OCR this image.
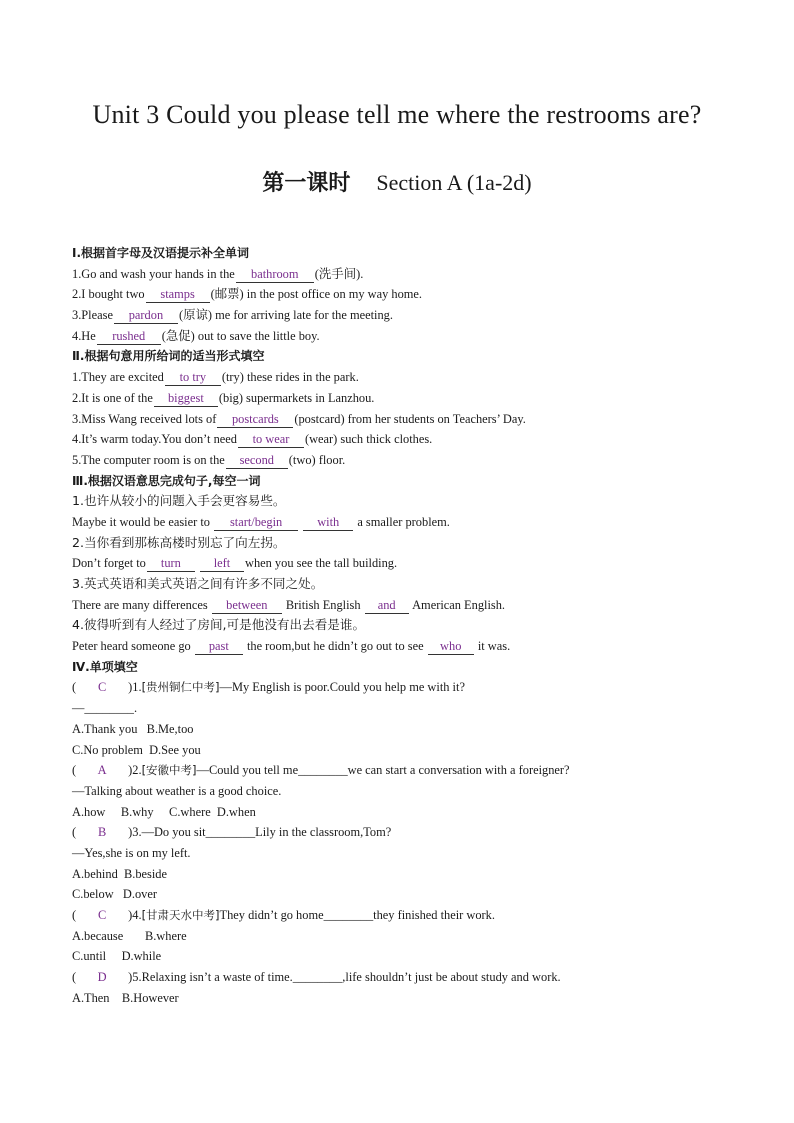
Unit 3 Could you please tell me where the restrooms are?
第一课时 Section A (1a-2d)
Ⅰ.根据首字母及汉语提示补全单词
1.Go and wash your hands in the bathroom (洗手间).
2.I bought two stamps (邮票) in the post office on my way home.
3.Please pardon (原谅) me for arriving late for the meeting.
4.He rushed (急促) out to save the little boy.
Ⅱ.根据句意用所给词的适当形式填空
1.They are excited to try (try) these rides in the park.
2.It is one of the biggest (big) supermarkets in Lanzhou.
3.Miss Wang received lots of postcards (postcard) from her students on Teachers’ Day.
4.It’s warm today.You don’t need to wear (wear) such thick clothes.
5.The computer room is on the second (two) floor.
Ⅲ.根据汉语意思完成句子,每空一词
1.也许从较小的问题入手会更容易些。
Maybe it would be easier to start/begin	with a smaller problem.
2.当你看到那栋高楼时别忘了向左拐。
Don’t forget to turn	left when you see the tall building.
3.英式英语和美式英语之间有许多不同之处。
There are many differences between British English and American English.
4.彼得听到有人经过了房间,可是他没有出去看是谁。
Peter heard someone go past the room,but he didn’t go out to see who it was.
Ⅳ.单项填空
( C )1.[贵州铜仁中考]—My English is poor.Could you help me with it?
—________.
A.Thank you   B.Me,too
C.No problem  D.See you
( A )2.[安徽中考]—Could you tell me________we can start a conversation with a foreigner?
—Talking about weather is a good choice.
A.how     B.why     C.where  D.when
( B )3.—Do you sit________Lily in the classroom,Tom?
—Yes,she is on my left.
A.behind  B.beside
C.below   D.over
( C )4.[甘肃天水中考]They didn’t go home________they finished their work.
A.because       B.where
C.until     D.while
( D )5.Relaxing isn’t a waste of time.________,life shouldn’t just be about study and work.
A.Then    B.However
